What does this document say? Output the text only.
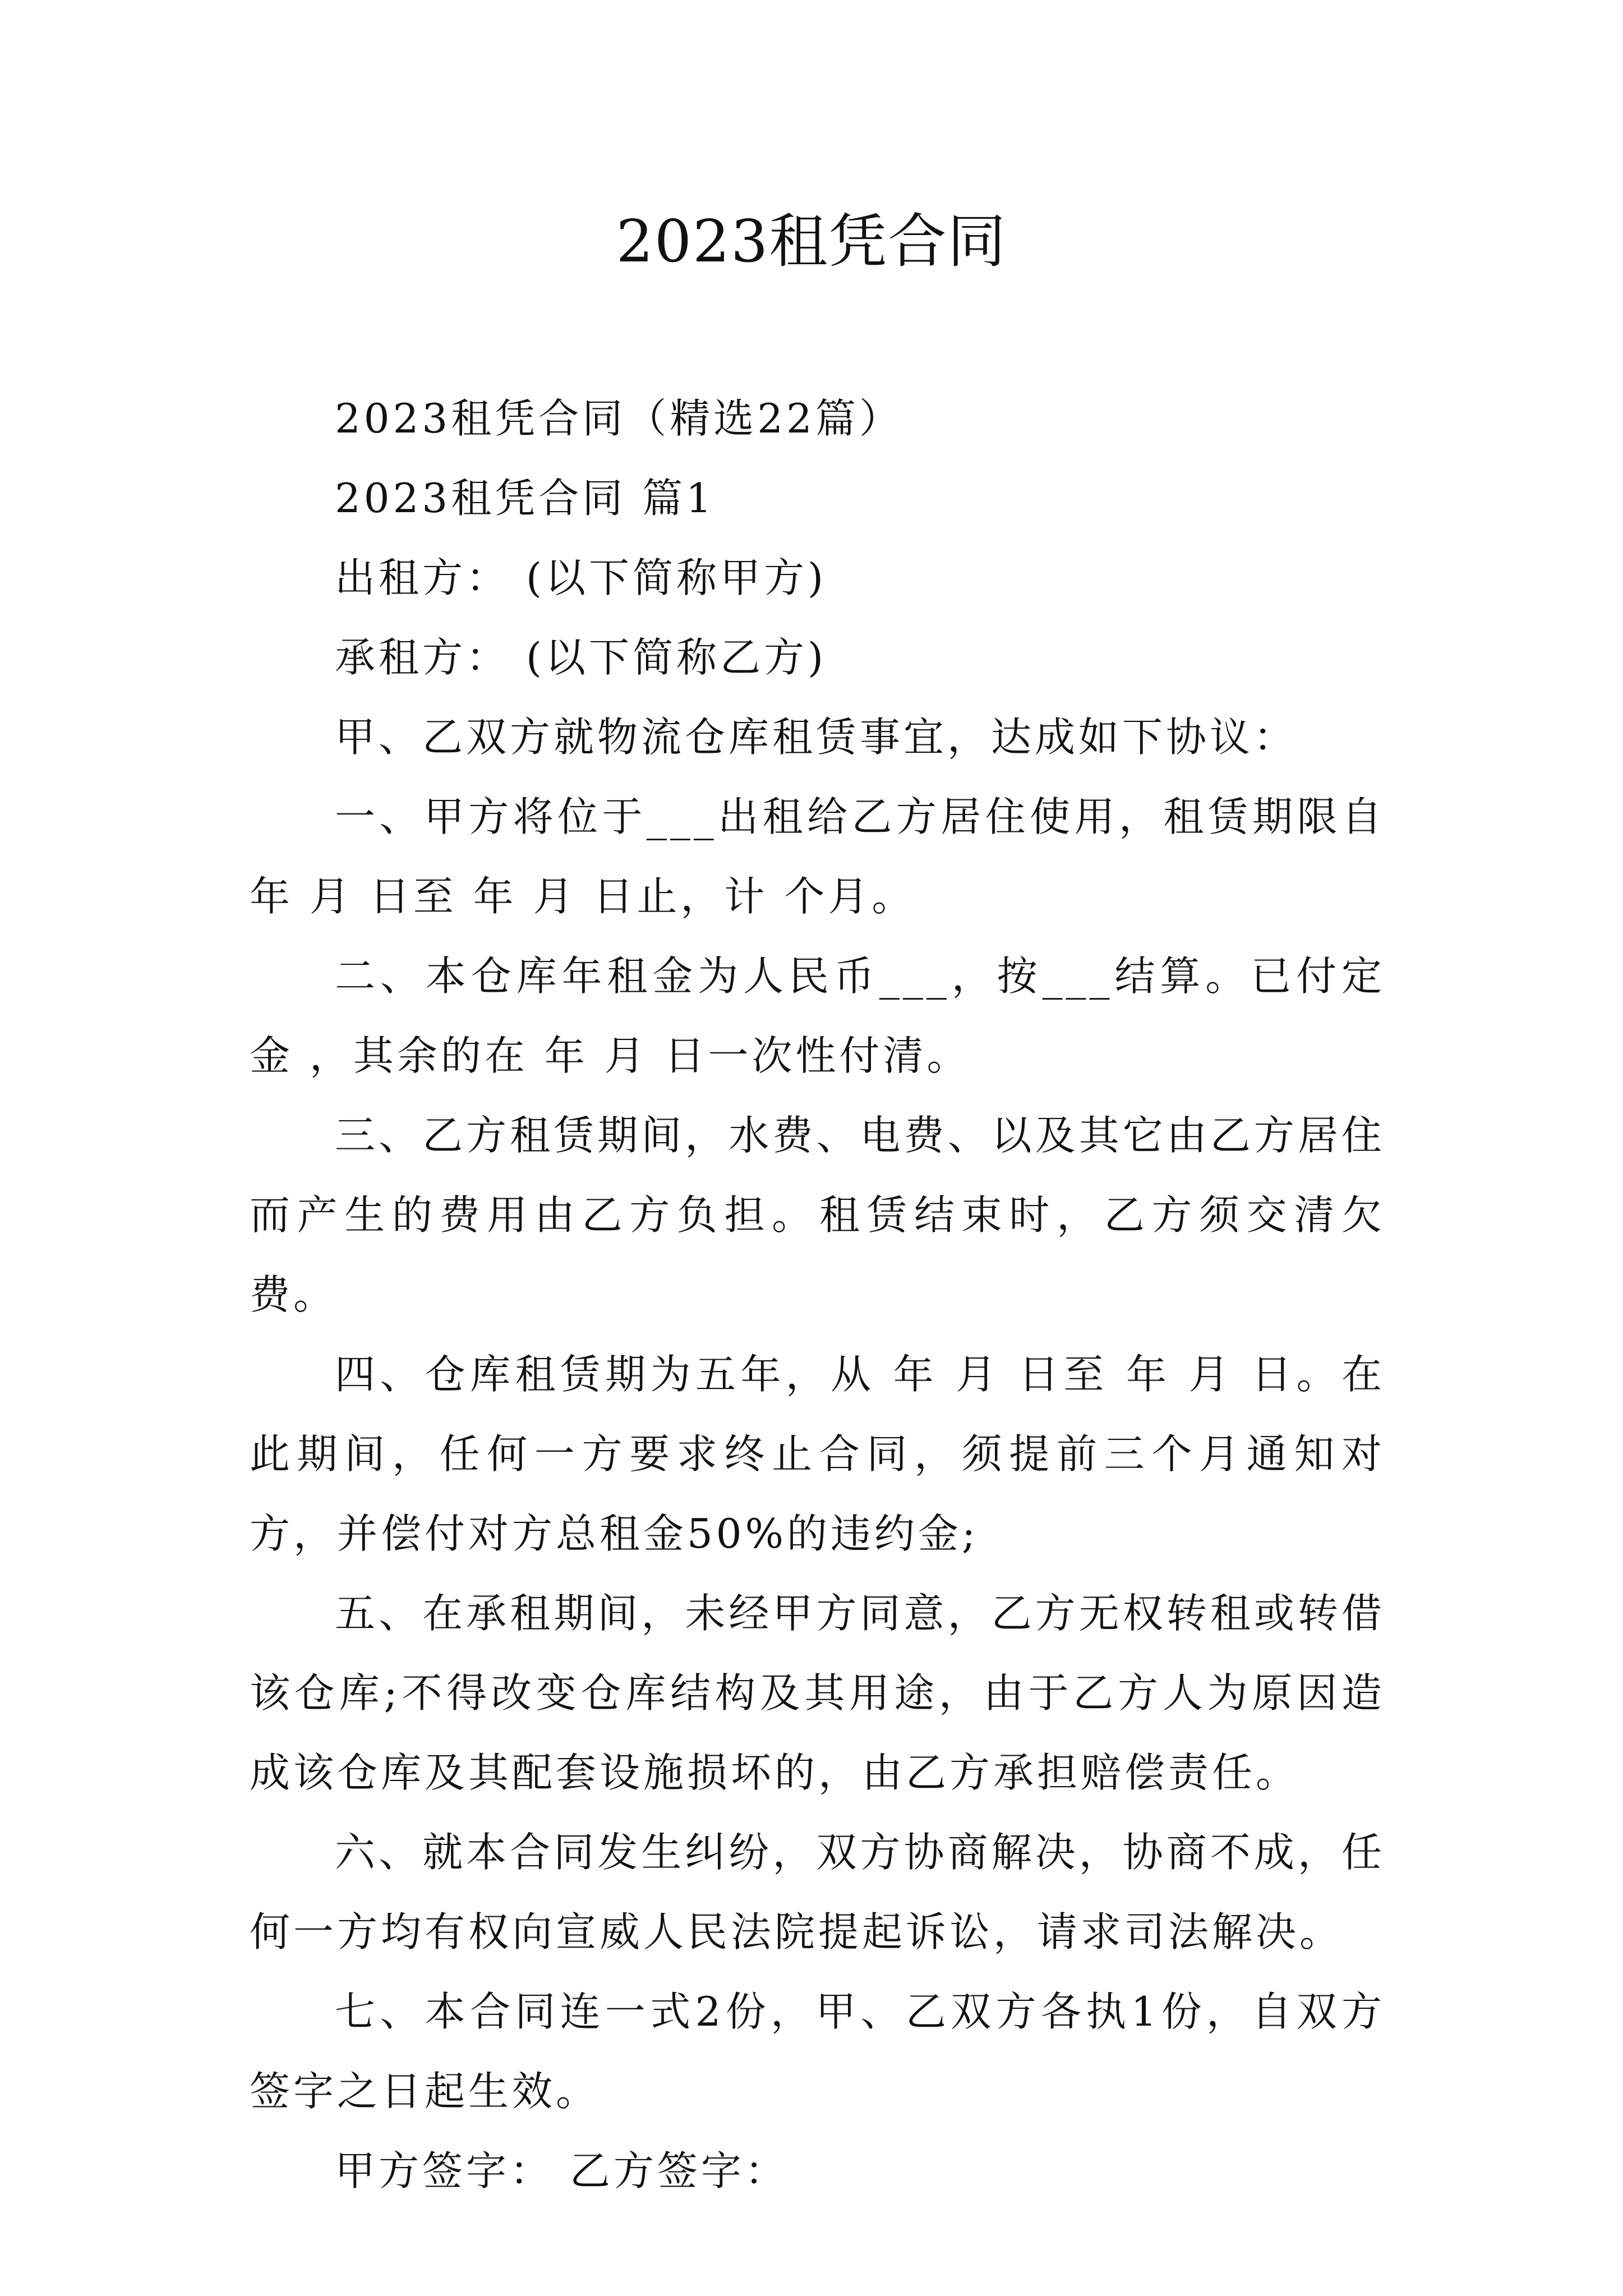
2023租凭合同

2023租凭合同（精选22篇）

2023租凭合同 篇1

出租方： (以下简称甲方)

承租方： (以下简称乙方)

甲、乙双方就物流仓库租赁事宜，达成如下协议：

一、甲方将位于___出租给乙方居住使用，租赁期限自 年 月 日至 年 月 日止，计 个月。

二、本仓库年租金为人民币___，按___结算。已付定金 ，其余的在 年 月 日一次性付清。

三、乙方租赁期间，水费、电费、以及其它由乙方居住而产生的费用由乙方负担。租赁结束时，乙方须交清欠费。

四、仓库租赁期为五年，从 年 月 日至 年 月 日。在此期间，任何一方要求终止合同，须提前三个月通知对方，并偿付对方总租金50%的违约金;

五、在承租期间，未经甲方同意，乙方无权转租或转借该仓库;不得改变仓库结构及其用途，由于乙方人为原因造成该仓库及其配套设施损坏的，由乙方承担赔偿责任。

六、就本合同发生纠纷，双方协商解决，协商不成，任何一方均有权向宣威人民法院提起诉讼，请求司法解决。

七、本合同连一式2份，甲、乙双方各执1份，自双方签字之日起生效。

甲方签字： 乙方签字：
